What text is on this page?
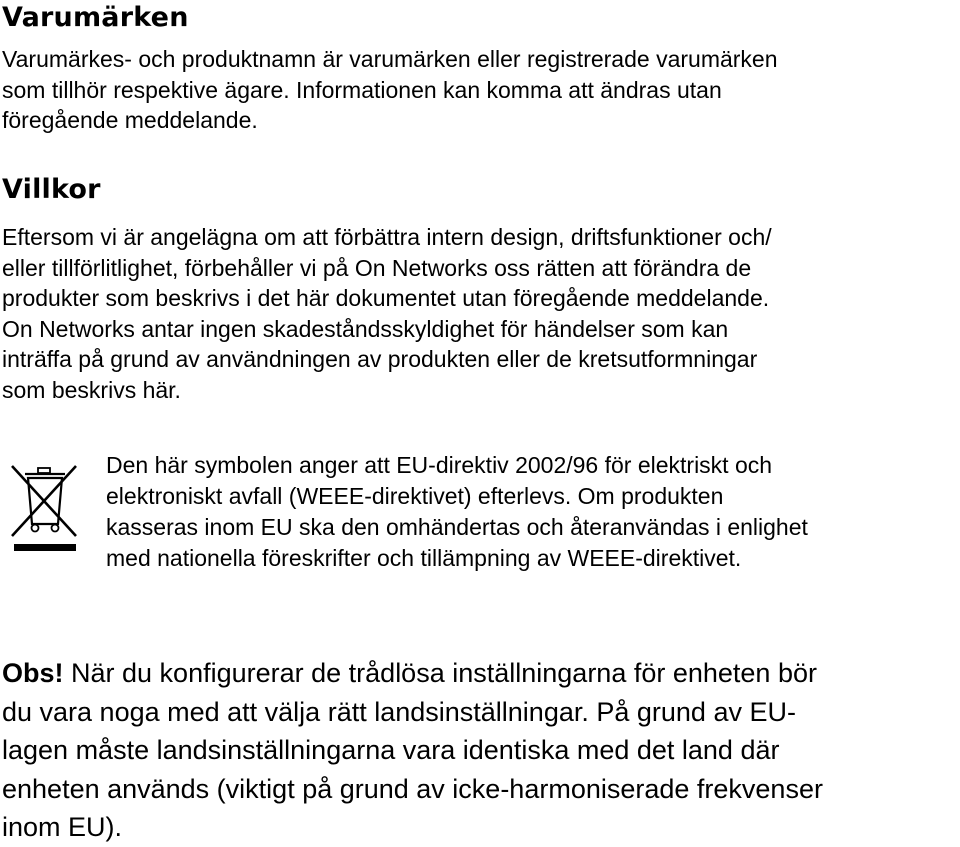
Varumärken

Varumärkes- och produktnamn är varumärken eller registrerade varumärken
som tillhör respektive ägare. Informationen kan komma att ändras utan
föregående meddelande.

Villkor

Eftersom vi är angelägna om att förbättra intern design, driftsfunktioner och/
eller tillförlitlighet, förbehåller vi på On Networks oss rätten att förändra de
produkter som beskrivs i det här dokumentet utan föregående meddelande.
On Networks antar ingen skadeståndsskyldighet för händelser som kan
inträffa på grund av användningen av produkten eller de kretsutformningar
som beskrivs här.

Den här symbolen anger att EU-direktiv 2002/96 för elektriskt och
elektroniskt avfall (WEEE-direktivet) efterlevs. Om produkten
kasseras inom EU ska den omhändertas och återanvändas i enlighet
med nationella föreskrifter och tillämpning av WEEE-direktivet.

Obs! När du konfigurerar de trådlösa inställningarna för enheten bör
du vara noga med att välja rätt landsinställningar. På grund av EU-
lagen måste landsinställningarna vara identiska med det land där
enheten används (viktigt på grund av icke-harmoniserade frekvenser
inom EU).
